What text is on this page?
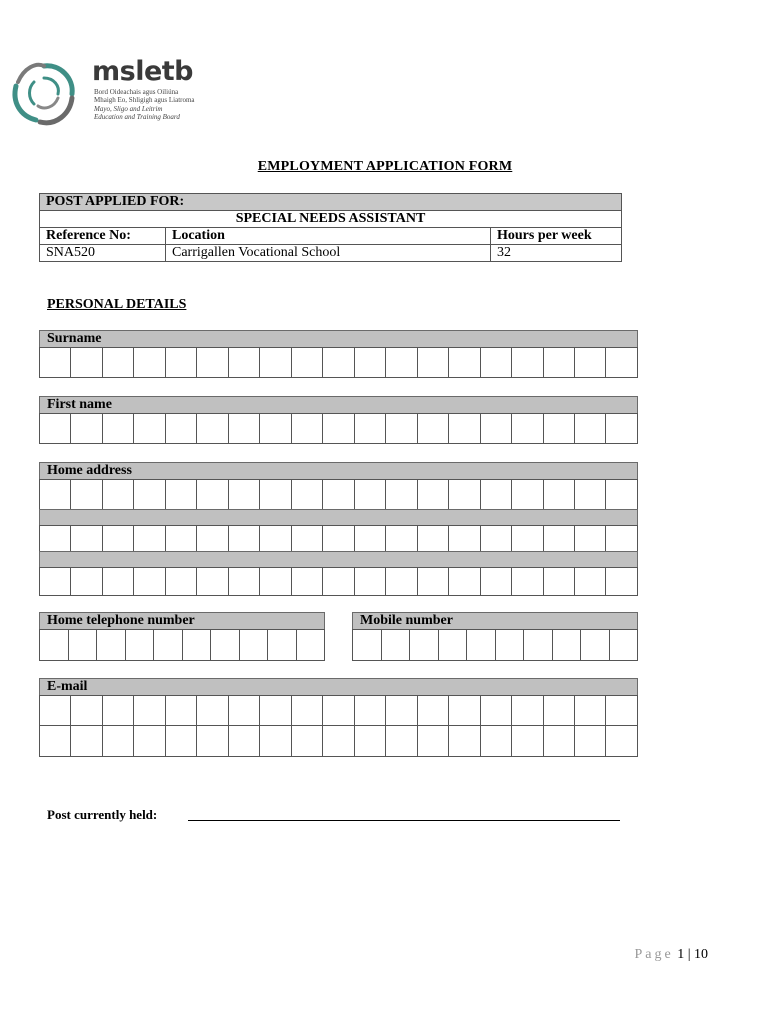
msletb
Bord Oideachais agus Oiliúna
Mhaigh Eo, Shligigh agus Liatroma
Mayo, Sligo and Leitrim
Education and Training Board
EMPLOYMENT APPLICATION FORM
POST APPLIED FOR:		
SPECIAL NEEDS ASSISTANT		
Reference No:	Location	Hours per week
SNA520	Carrigallen Vocational School	32
PERSONAL DETAILS
Surname
First name
Home address
Home telephone number	Mobile number
E-mail
Post currently held:
Page 1 | 10
